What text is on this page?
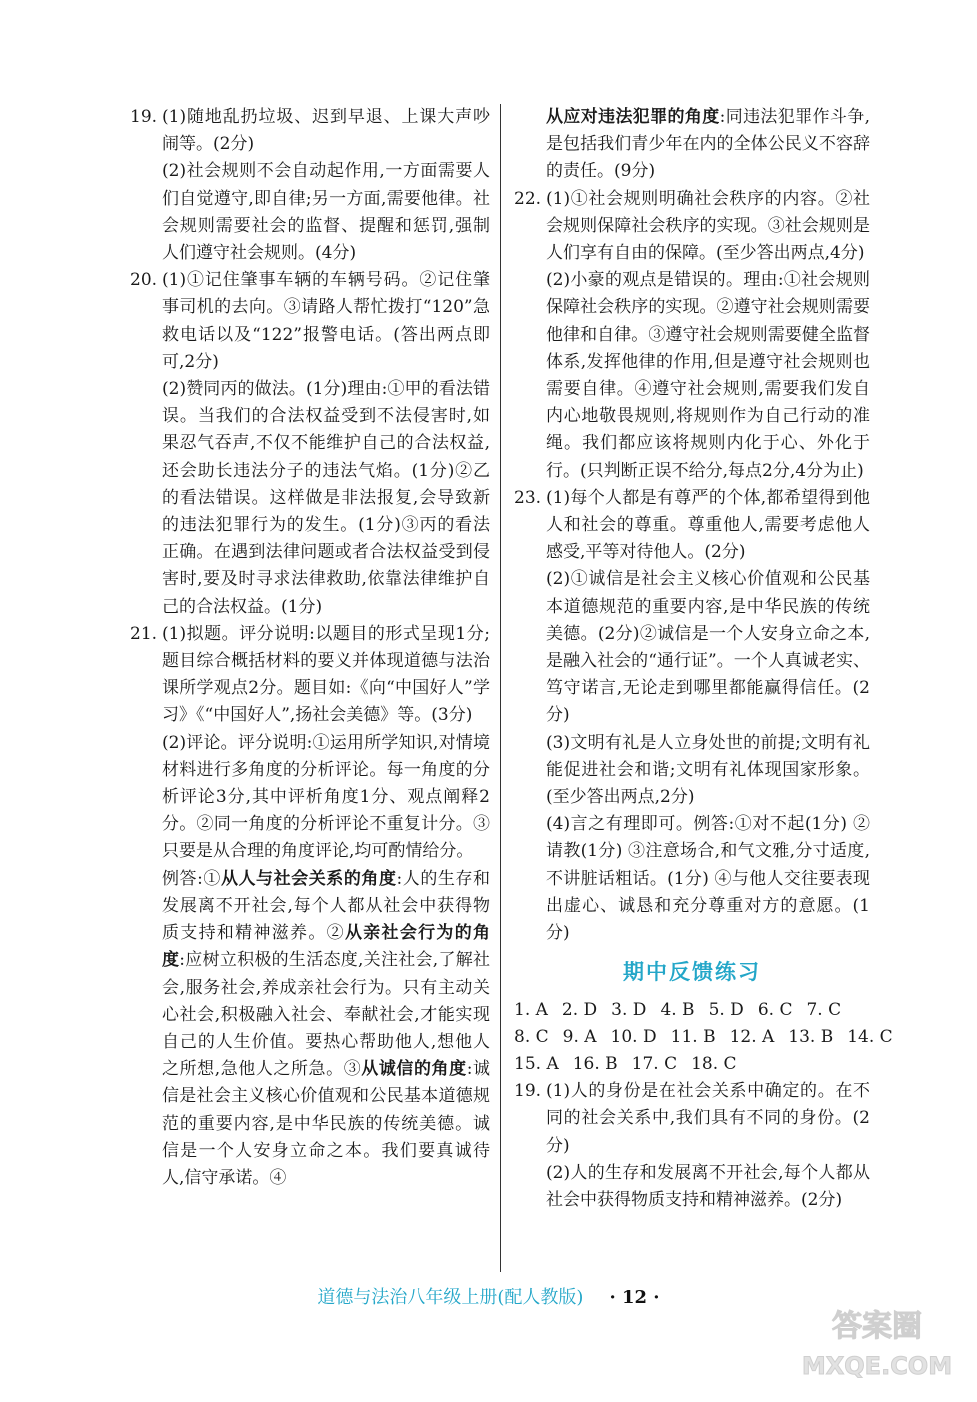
19. (1)随地乱扔垃圾、迟到早退、上课大声吵闹等。(2分)
(2)社会规则不会自动起作用,一方面需要人们自觉遵守,即自律;另一方面,需要他律。社会规则需要社会的监督、提醒和惩罚,强制人们遵守社会规则。(4分)
20. (1)①记住肇事车辆的车辆号码。②记住肇事司机的去向。③请路人帮忙拨打“120”急救电话以及“122”报警电话。(答出两点即可,2分)
(2)赞同丙的做法。(1分)理由:①甲的看法错误。当我们的合法权益受到不法侵害时,如果忍气吞声,不仅不能维护自己的合法权益,还会助长违法分子的违法气焰。(1分)②乙的看法错误。这样做是非法报复,会导致新的违法犯罪行为的发生。(1分)③丙的看法正确。在遇到法律问题或者合法权益受到侵害时,要及时寻求法律救助,依靠法律维护自己的合法权益。(1分)
21. (1)拟题。评分说明:以题目的形式呈现1分;题目综合概括材料的要义并体现道德与法治课所学观点2分。题目如:《向“中国好人”学习》《“中国好人”,扬社会美德》等。(3分)
(2)评论。评分说明:①运用所学知识,对情境材料进行多角度的分析评论。每一角度的分析评论3分,其中评析角度1分、观点阐释2分。②同一角度的分析评论不重复计分。③只要是从合理的角度评论,均可酌情给分。
例答:①从人与社会关系的角度:人的生存和发展离不开社会,每个人都从社会中获得物质支持和精神滋养。②从亲社会行为的角度:应树立积极的生活态度,关注社会,了解社会,服务社会,养成亲社会行为。只有主动关心社会,积极融入社会、奉献社会,才能实现自己的人生价值。要热心帮助他人,想他人之所想,急他人之所急。③从诚信的角度:诚信是社会主义核心价值观和公民基本道德规范的重要内容,是中华民族的传统美德。诚信是一个人安身立命之本。我们要真诚待人,信守承诺。④
从应对违法犯罪的角度:同违法犯罪作斗争,是包括我们青少年在内的全体公民义不容辞的责任。(9分)
22. (1)①社会规则明确社会秩序的内容。②社会规则保障社会秩序的实现。③社会规则是人们享有自由的保障。(至少答出两点,4分)
(2)小豪的观点是错误的。理由:①社会规则保障社会秩序的实现。②遵守社会规则需要他律和自律。③遵守社会规则需要健全监督体系,发挥他律的作用,但是遵守社会规则也需要自律。④遵守社会规则,需要我们发自内心地敬畏规则,将规则作为自己行动的准绳。我们都应该将规则内化于心、外化于行。(只判断正误不给分,每点2分,4分为止)
23. (1)每个人都是有尊严的个体,都希望得到他人和社会的尊重。尊重他人,需要考虑他人感受,平等对待他人。(2分)
(2)①诚信是社会主义核心价值观和公民基本道德规范的重要内容,是中华民族的传统美德。(2分)②诚信是一个人安身立命之本,是融入社会的“通行证”。一个人真诚老实、笃守诺言,无论走到哪里都能赢得信任。(2分)
(3)文明有礼是人立身处世的前提;文明有礼能促进社会和谐;文明有礼体现国家形象。(至少答出两点,2分)
(4)言之有理即可。例答:①对不起(1分) ②请教(1分) ③注意场合,和气文雅,分寸适度,不讲脏话粗话。(1分) ④与他人交往要表现出虚心、诚恳和充分尊重对方的意愿。(1分)
期中反馈练习
1. A 2. D 3. D 4. B 5. D 6. C 7. C
8. C 9. A 10. D 11. B 12. A 13. B 14. C
15. A 16. B 17. C 18. C
19. (1)人的身份是在社会关系中确定的。在不同的社会关系中,我们具有不同的身份。(2分)
(2)人的生存和发展离不开社会,每个人都从社会中获得物质支持和精神滋养。(2分)
道德与法治八年级上册(配人教版) · 12 ·
答案圈
MXQE.COM
